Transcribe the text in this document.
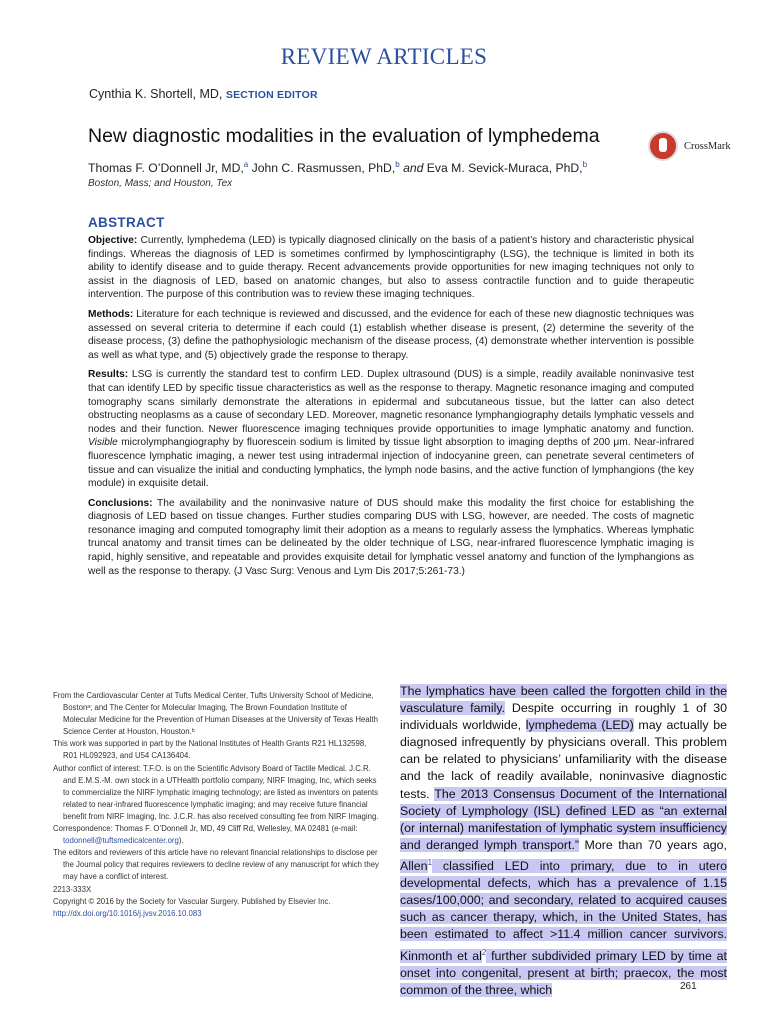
REVIEW ARTICLES
Cynthia K. Shortell, MD, SECTION EDITOR
New diagnostic modalities in the evaluation of lymphedema
Thomas F. O’Donnell Jr, MD,$^a$ John C. Rasmussen, PhD,$^b$ and Eva M. Sevick-Muraca, PhD,$^b$
Boston, Mass; and Houston, Tex
CrossMark
ABSTRACT

Objective: Currently, lymphedema (LED) is typically diagnosed clinically on the basis of a patient’s history and characteristic physical findings. Whereas the diagnosis of LED is sometimes confirmed by lymphoscintigraphy (LSG), the technique is limited in both its ability to identify disease and to guide therapy. Recent advancements provide opportunities for new imaging techniques not only to assist in the diagnosis of LED, based on anatomic changes, but also to assess contractile function and to guide therapeutic intervention. The purpose of this contribution was to review these imaging techniques.

Methods: Literature for each technique is reviewed and discussed, and the evidence for each of these new diagnostic techniques was assessed on several criteria to determine if each could (1) establish whether disease is present, (2) determine the severity of the disease process, (3) define the pathophysiologic mechanism of the disease process, (4) demonstrate whether intervention is possible as well as what type, and (5) objectively grade the response to therapy.

Results: LSG is currently the standard test to confirm LED. Duplex ultrasound (DUS) is a simple, readily available noninvasive test that can identify LED by specific tissue characteristics as well as the response to therapy. Magnetic resonance imaging and computed tomography scans similarly demonstrate the alterations in epidermal and subcutaneous tissue, but the latter can also detect obstructing neoplasms as a cause of secondary LED. Moreover, magnetic resonance lymphangiography details lymphatic vessels and nodes and their function. Newer fluorescence imaging techniques provide opportunities to image lymphatic anatomy and function. Visible microlymphangiography by fluorescein sodium is limited by tissue light absorption to imaging depths of 200 μm. Near-infrared fluorescence lymphatic imaging, a newer test using intradermal injection of indocyanine green, can penetrate several centimeters of tissue and can visualize the initial and conducting lymphatics, the lymph node basins, and the active function of lymphangions (the key module) in exquisite detail.

Conclusions: The availability and the noninvasive nature of DUS should make this modality the first choice for establishing the diagnosis of LED based on tissue changes. Further studies comparing DUS with LSG, however, are needed. The costs of magnetic resonance imaging and computed tomography limit their adoption as a means to regularly assess the lymphatics. Whereas lymphatic truncal anatomy and transit times can be delineated by the older technique of LSG, near-infrared fluorescence lymphatic imaging is rapid, highly sensitive, and repeatable and provides exquisite detail for lymphatic vessel anatomy and function of the lymphangions as well as the response to therapy. (J Vasc Surg: Venous and Lym Dis 2017;5:261-73.)

From the Cardiovascular Center at Tufts Medical Center, Tufts University School of Medicine, Bostonᵃ; and The Center for Molecular Imaging, The Brown Foundation Institute of Molecular Medicine for the Prevention of Human Diseases at the University of Texas Health Science Center at Houston, Houston.ᵇ

This work was supported in part by the National Institutes of Health Grants R21 HL132598, R01 HL092923, and U54 CA136404.

Author conflict of interest: T.F.O. is on the Scientific Advisory Board of Tactile Medical. J.C.R. and E.M.S.-M. own stock in a UTHealth portfolio company, NIRF Imaging, Inc, which seeks to commercialize the NIRF lymphatic imaging technology; are listed as inventors on patents related to near-infrared fluorescence lymphatic imaging; and may receive future financial benefit from NIRF Imaging, Inc. J.C.R. has also received consulting fee from NIRF Imaging.

Correspondence: Thomas F. O’Donnell Jr, MD, 49 Cliff Rd, Wellesley, MA 02481 (e-mail: todonnell@tuftsmedicalcenter.org).

The editors and reviewers of this article have no relevant financial relationships to disclose per the Journal policy that requires reviewers to decline review of any manuscript for which they may have a conflict of interest.

2213-333X

Copyright © 2016 by the Society for Vascular Surgery. Published by Elsevier Inc.

http://dx.doi.org/10.1016/j.jvsv.2016.10.083

The lymphatics have been called the forgotten child in the vasculature family. Despite occurring in roughly 1 of 30 individuals worldwide, lymphedema (LED) may actually be diagnosed infrequently by physicians overall. This problem can be related to physicians’ unfamiliarity with the disease and the lack of readily available, noninvasive diagnostic tests. The 2013 Consensus Document of the International Society of Lymphology (ISL) defined LED as “an external (or internal) manifestation of lymphatic system insufficiency and deranged lymph transport.” More than 70 years ago, Allen$^1$ classified LED into primary, due to in utero developmental defects, which has a prevalence of 1.15 cases/100,000; and secondary, related to acquired causes such as cancer therapy, which, in the United States, has been estimated to affect >11.4 million cancer survivors. Kinmonth et $al^2$ further subdivided primary LED by time at onset into congenital, present at birth; praecox, the most common of the three, which	261
